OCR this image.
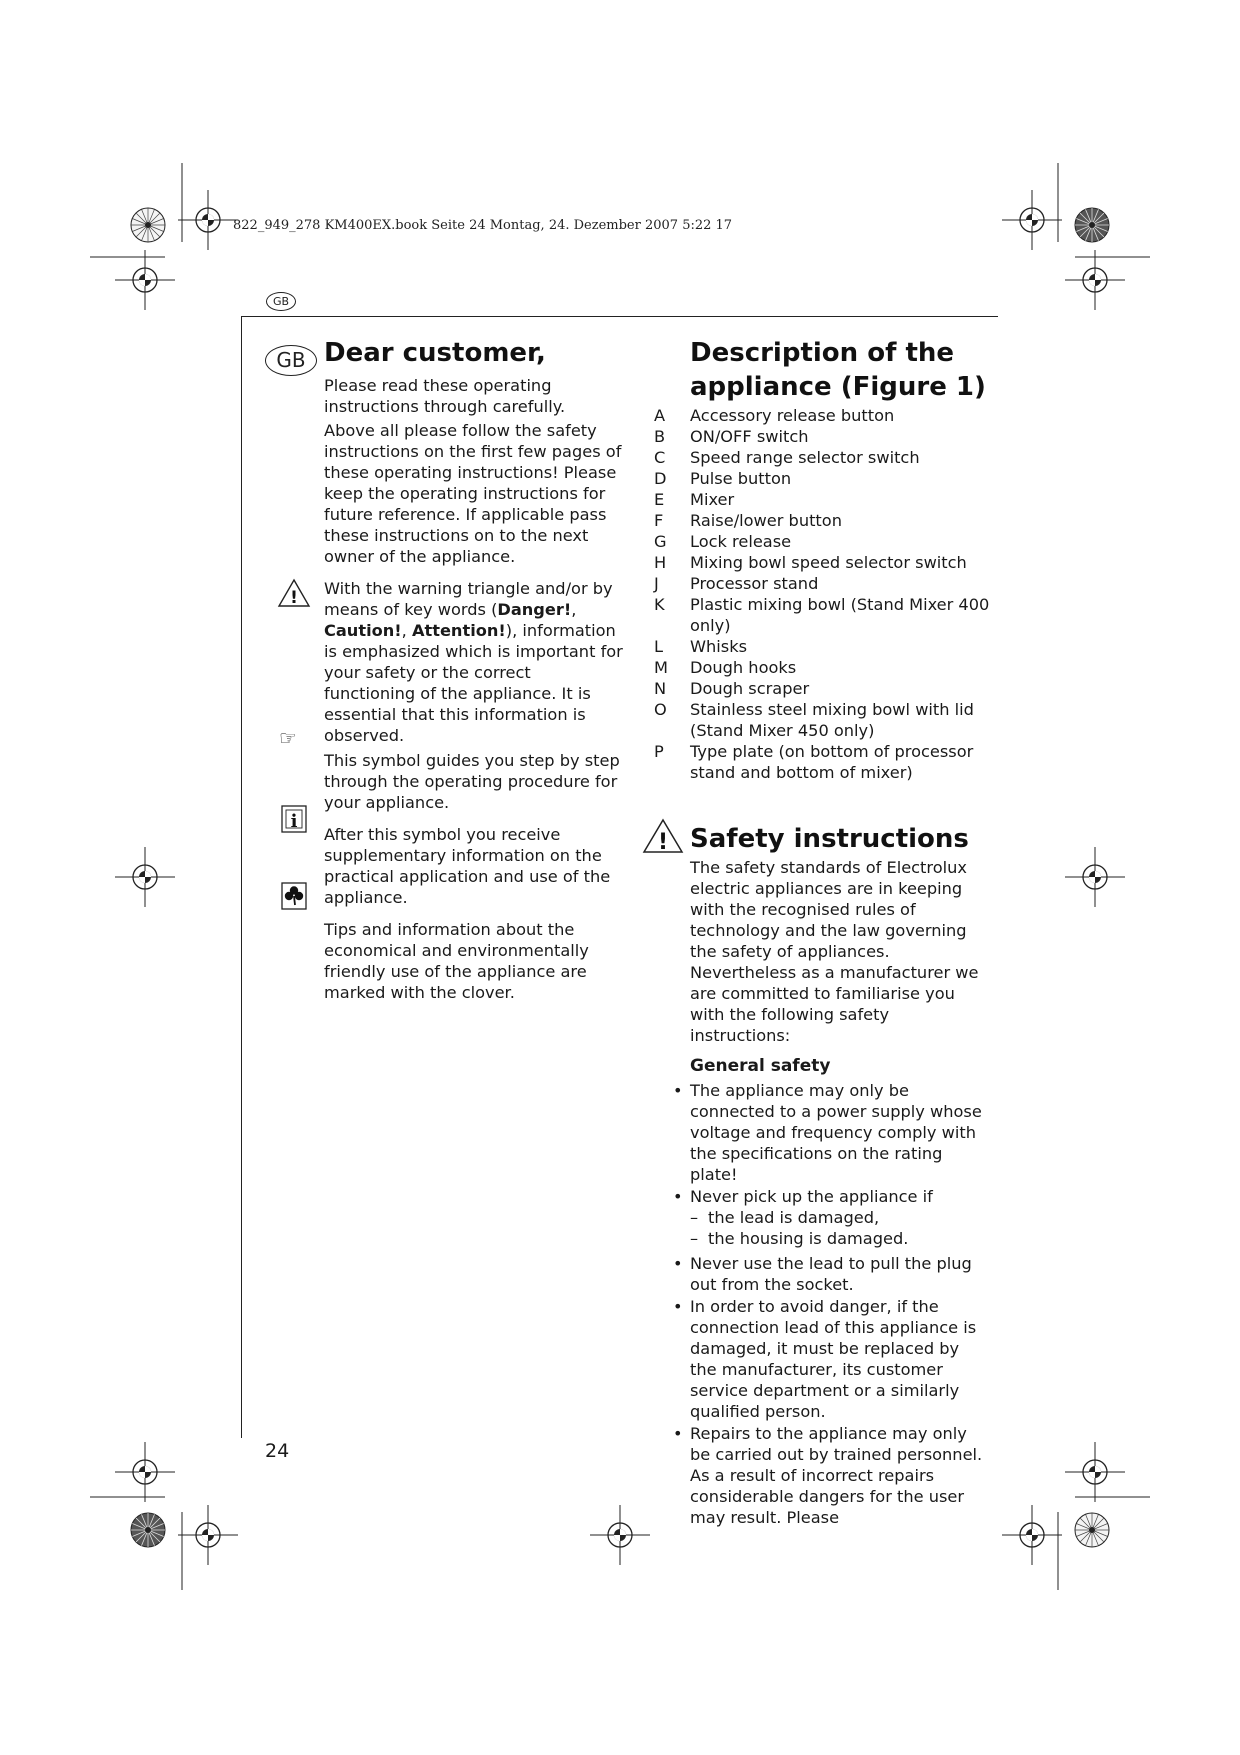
822_949_278 KM400EX.book Seite 24 Montag, 24. Dezember 2007 5:22 17
GB
24
GB Dear customer,

Please read these operating instructions through carefully.

Above all please follow the safety instructions on the first few pages of these operating instructions! Please keep the operating instructions for future reference. If applicable pass these instructions on to the next owner of the appliance.

With the warning triangle and/or by means of key words (Danger!, Caution!, Attention!), information is emphasized which is important for your safety or the correct functioning of the appliance. It is essential that this information is observed.

This symbol guides you step by step through the operating procedure for your appliance.

After this symbol you receive supplementary information on the practical application and use of the appliance.

Tips and information about the economical and environmentally friendly use of the appliance are marked with the clover.

!
☞
i
Description of the
appliance (Figure 1)
A	Accessory release button
B	ON/OFF switch
C	Speed range selector switch
D	Pulse button
E	Mixer
F	Raise/lower button
G	Lock release
H	Mixing bowl speed selector switch
J	Processor stand
K	Plastic mixing bowl (Stand Mixer 400 only)
L	Whisks
M	Dough hooks
N	Dough scraper
O	Stainless steel mixing bowl with lid (Stand Mixer 450 only)
P	Type plate (on bottom of processor stand and bottom of mixer)
! Safety instructions

The safety standards of Electrolux electric appliances are in keeping with the recognised rules of technology and the law governing the safety of appliances. Nevertheless as a manufacturer we are committed to familiarise you with the following safety instructions:

General safety
• The appliance may only be connected to a power supply whose voltage and frequency comply with the specifications on the rating plate!
• Never pick up the appliance if
– the lead is damaged,
– the housing is damaged.
• Never use the lead to pull the plug out from the socket.
• In order to avoid danger, if the connection lead of this appliance is damaged, it must be replaced by the manufacturer, its customer service department or a similarly qualified person.
• Repairs to the appliance may only be carried out by trained personnel. As a result of incorrect repairs considerable dangers for the user may result. Please
